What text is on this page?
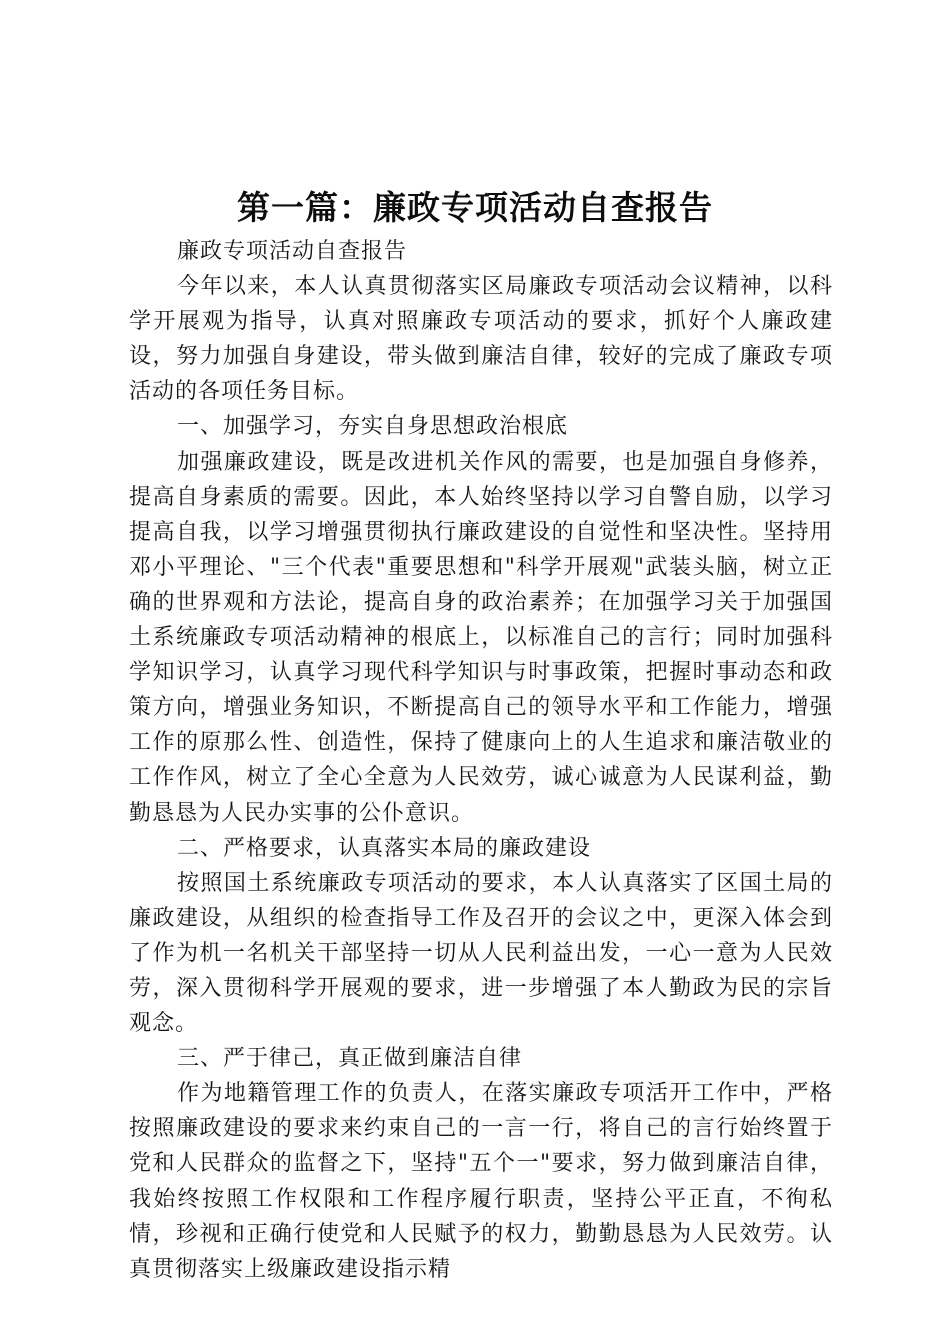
第一篇：廉政专项活动自查报告

廉政专项活动自查报告

今年以来，本人认真贯彻落实区局廉政专项活动会议精神，以科学开展观为指导，认真对照廉政专项活动的要求，抓好个人廉政建设，努力加强自身建设，带头做到廉洁自律，较好的完成了廉政专项活动的各项任务目标。

一、加强学习，夯实自身思想政治根底

加强廉政建设，既是改进机关作风的需要，也是加强自身修养，提高自身素质的需要。因此，本人始终坚持以学习自警自励，以学习提高自我，以学习增强贯彻执行廉政建设的自觉性和坚决性。坚持用邓小平理论、"三个代表"重要思想和"科学开展观"武装头脑，树立正确的世界观和方法论，提高自身的政治素养；在加强学习关于加强国土系统廉政专项活动精神的根底上，以标准自己的言行；同时加强科学知识学习，认真学习现代科学知识与时事政策，把握时事动态和政策方向，增强业务知识，不断提高自己的领导水平和工作能力，增强工作的原那么性、创造性，保持了健康向上的人生追求和廉洁敬业的工作作风，树立了全心全意为人民效劳，诚心诚意为人民谋利益，勤勤恳恳为人民办实事的公仆意识。

二、严格要求，认真落实本局的廉政建设

按照国土系统廉政专项活动的要求，本人认真落实了区国土局的廉政建设，从组织的检查指导工作及召开的会议之中，更深入体会到了作为机一名机关干部坚持一切从人民利益出发，一心一意为人民效劳，深入贯彻科学开展观的要求，进一步增强了本人勤政为民的宗旨观念。

三、严于律己，真正做到廉洁自律

作为地籍管理工作的负责人，在落实廉政专项活开工作中，严格按照廉政建设的要求来约束自己的一言一行，将自己的言行始终置于党和人民群众的监督之下，坚持"五个一"要求，努力做到廉洁自律，我始终按照工作权限和工作程序履行职责，坚持公平正直，不徇私情，珍视和正确行使党和人民赋予的权力，勤勤恳恳为人民效劳。认真贯彻落实上级廉政建设指示精
